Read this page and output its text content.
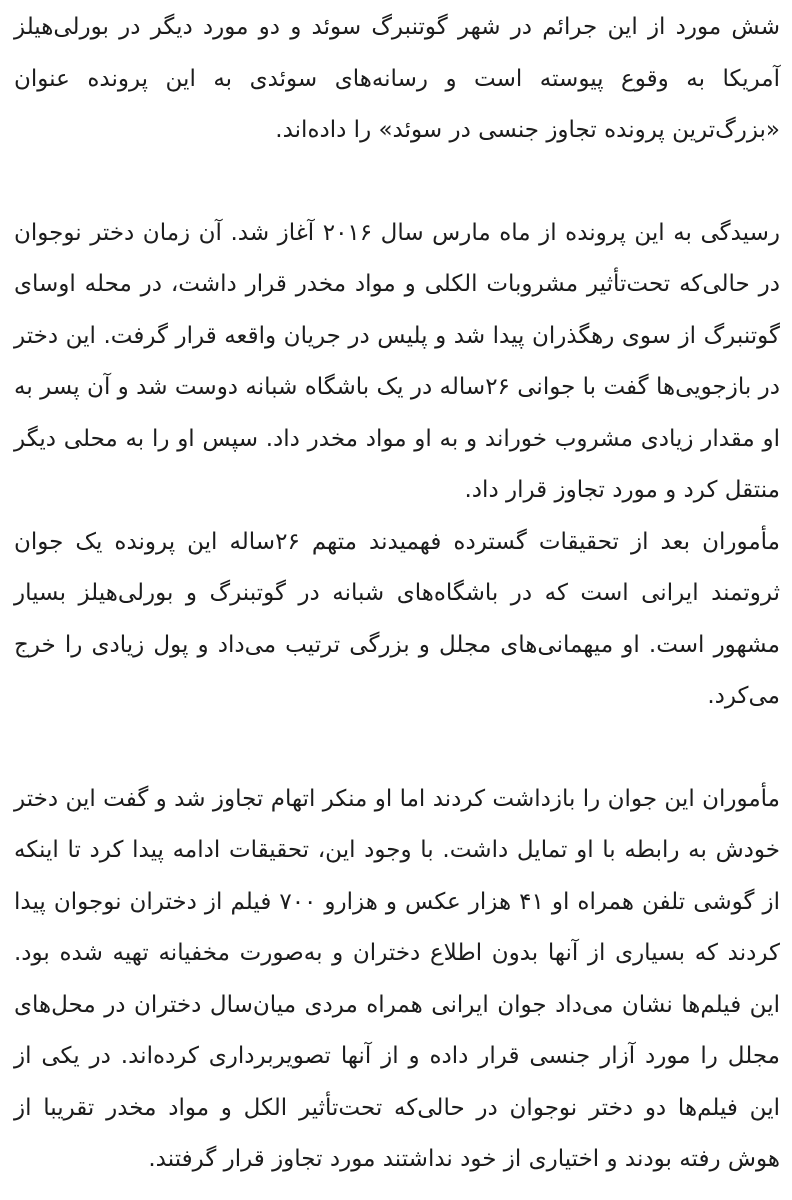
شش مورد از این جرائم در شهر گوتنبرگ سوئد و دو مورد دیگر در بورلی‌هیلز آمریکا به وقوع پیوسته است و رسانه‌های سوئدی به این پرونده عنوان «بزرگ‌ترین پرونده تجاوز جنسی در سوئد» را داده‌اند.

رسیدگی به این پرونده از ماه مارس سال ۲۰۱۶ آغاز شد. آن زمان دختر نوجوان در حالی‌که تحت‌تأثیر مشروبات الکلی و مواد مخدر قرار داشت، در محله اوسای گوتنبرگ از سوی رهگذران پیدا شد و پلیس در جریان واقعه قرار گرفت. این دختر در بازجویی‌ها گفت با جوانی ۲۶ساله در یک باشگاه شبانه دوست شد و آن پسر به او مقدار زیادی مشروب خوراند و به او مواد مخدر داد. سپس او را به محلی دیگر منتقل کرد و مورد تجاوز قرار داد.

مأموران بعد از تحقیقات گسترده فهمیدند متهم ۲۶ساله این پرونده یک جوان ثروتمند ایرانی است که در باشگاه‌های شبانه در گوتبنرگ و بورلی‌هیلز بسیار مشهور است. او میهمانی‌های مجلل و بزرگی ترتیب می‌داد و پول زیادی را خرج می‌کرد.

مأموران این جوان را بازداشت کردند اما او منکر اتهام تجاوز شد و گفت این دختر خودش به رابطه با او تمایل داشت. با وجود این، تحقیقات ادامه پیدا کرد تا اینکه از گوشی تلفن همراه او ۴۱ هزار عکس و هزارو ۷۰۰ فیلم از دختران نوجوان پیدا کردند که بسیاری از آنها بدون اطلاع دختران و به‌صورت مخفیانه تهیه شده بود. این فیلم‌ها نشان می‌داد جوان ایرانی همراه مردی میان‌سال دختران در محل‌های مجلل را مورد آزار جنسی قرار داده و از آنها تصویربرداری کرده‌اند. در یکی از این فیلم‌ها دو دختر نوجوان در حالی‌که تحت‌تأثیر الکل و مواد مخدر تقریبا از هوش رفته بودند و اختیاری از خود نداشتند مورد تجاوز قرار گرفتند.
